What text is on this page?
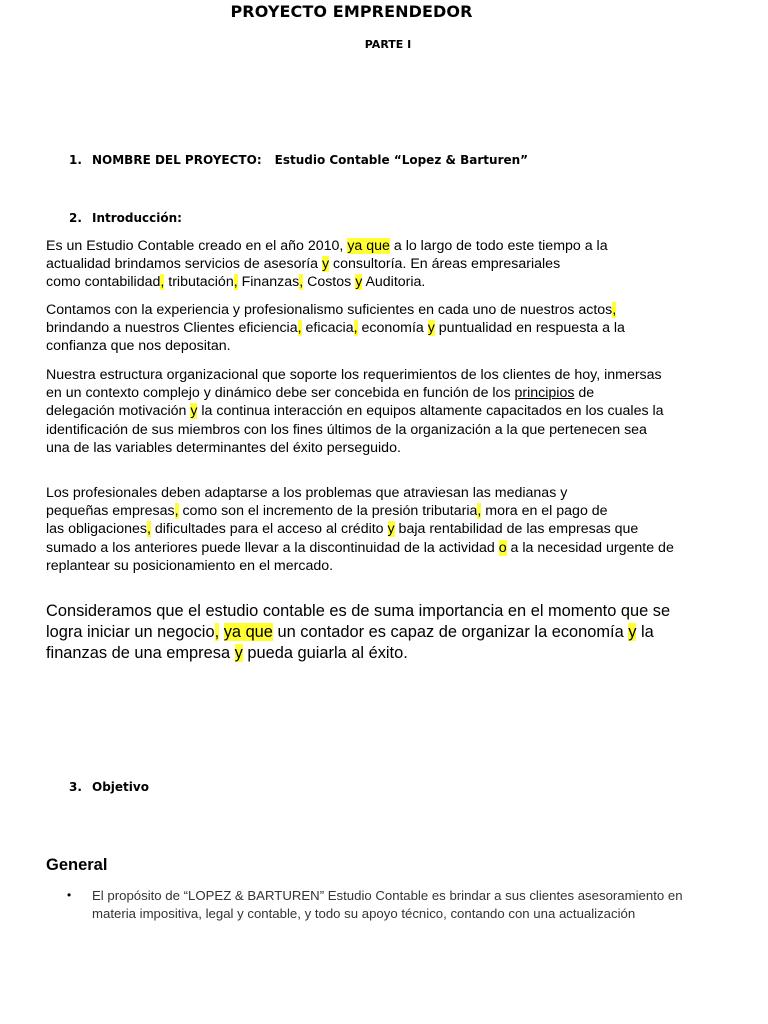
PROYECTO EMPRENDEDOR
PARTE I
1. NOMBRE DEL PROYECTO: Estudio Contable “Lopez & Barturen”
2. Introducción:
Es un Estudio Contable creado en el año 2010, ya que a lo largo de todo este tiempo a la
actualidad brindamos servicios de asesoría y consultoría. En áreas empresariales
como contabilidad, tributación, Finanzas, Costos y Auditoria.
Contamos con la experiencia y profesionalismo suficientes en cada uno de nuestros actos,
brindando a nuestros Clientes eficiencia, eficacia, economía y puntualidad en respuesta a la
confianza que nos depositan.
Nuestra estructura organizacional que soporte los requerimientos de los clientes de hoy, inmersas
en un contexto complejo y dinámico debe ser concebida en función de los principios de
delegación motivación y la continua interacción en equipos altamente capacitados en los cuales la
identificación de sus miembros con los fines últimos de la organización a la que pertenecen sea
una de las variables determinantes del éxito perseguido.
Los profesionales deben adaptarse a los problemas que atraviesan las medianas y
pequeñas empresas, como son el incremento de la presión tributaria, mora en el pago de
las obligaciones, dificultades para el acceso al crédito y baja rentabilidad de las empresas que
sumado a los anteriores puede llevar a la discontinuidad de la actividad o a la necesidad urgente de
replantear su posicionamiento en el mercado.
Consideramos que el estudio contable es de suma importancia en el momento que se
logra iniciar un negocio, ya que un contador es capaz de organizar la economía y la
finanzas de una empresa y pueda guiarla al éxito.
3. Objetivo
General
• El propósito de “LOPEZ & BARTUREN” Estudio Contable es brindar a sus clientes asesoramiento en
materia impositiva, legal y contable, y todo su apoyo técnico, contando con una actualización
